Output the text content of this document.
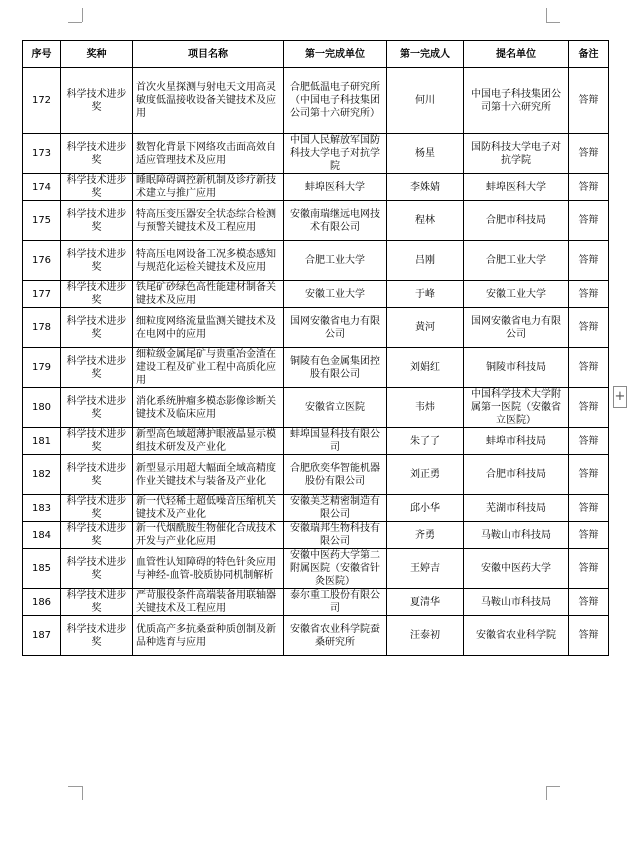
序号	奖种	项目名称	第一完成单位	第一完成人	提名单位	备注
172	科学技术进步奖	首次火星探测与射电天文用高灵敏度低温接收设备关键技术及应用	合肥低温电子研究所（中国电子科技集团公司第十六研究所）	何川	中国电子科技集团公司第十六研究所	答辩
173	科学技术进步奖	数智化背景下网络攻击面高效自适应管理技术及应用	中国人民解放军国防科技大学电子对抗学院	杨星	国防科技大学电子对抗学院	答辩
174	科学技术进步奖	睡眠障碍调控新机制及诊疗新技术建立与推广应用	蚌埠医科大学	李姝婧	蚌埠医科大学	答辩
175	科学技术进步奖	特高压变压器安全状态综合检测与预警关键技术及工程应用	安徽南瑞继远电网技术有限公司	程林	合肥市科技局	答辩
176	科学技术进步奖	特高压电网设备工况多模态感知与规范化运检关键技术及应用	合肥工业大学	吕刚	合肥工业大学	答辩
177	科学技术进步奖	铁尾矿砂绿色高性能建材制备关键技术及应用	安徽工业大学	于峰	安徽工业大学	答辩
178	科学技术进步奖	细粒度网络流量监测关键技术及在电网中的应用	国网安徽省电力有限公司	黄河	国网安徽省电力有限公司	答辩
179	科学技术进步奖	细粒级金属尾矿与贵重冶金渣在建设工程及矿业工程中高质化应用	铜陵有色金属集团控股有限公司	刘娟红	铜陵市科技局	答辩
180	科学技术进步奖	消化系统肿瘤多模态影像诊断关键技术及临床应用	安徽省立医院	韦炜	中国科学技术大学附属第一医院（安徽省立医院）	答辩
181	科学技术进步奖	新型高色域超薄护眼液晶显示模组技术研发及产业化	蚌埠国显科技有限公司	朱了了	蚌埠市科技局	答辩
182	科学技术进步奖	新型显示用超大幅面全域高精度作业关键技术与装备及产业化	合肥欣奕华智能机器股份有限公司	刘正勇	合肥市科技局	答辩
183	科学技术进步奖	新一代轻稀土超低噪音压缩机关键技术及产业化	安徽美芝精密制造有限公司	邱小华	芜湖市科技局	答辩
184	科学技术进步奖	新一代烟酰胺生物催化合成技术开发与产业化应用	安徽瑞邦生物科技有限公司	齐勇	马鞍山市科技局	答辩
185	科学技术进步奖	血管性认知障碍的特色针灸应用与神经-血管-胶质协同机制解析	安徽中医药大学第二附属医院（安徽省针灸医院）	王婷吉	安徽中医药大学	答辩
186	科学技术进步奖	严苛服役条件高端装备用联轴器关键技术及工程应用	泰尔重工股份有限公司	夏清华	马鞍山市科技局	答辩
187	科学技术进步奖	优质高产多抗桑蚕种质创制及新品种选育与应用	安徽省农业科学院蚕桑研究所	汪泰初	安徽省农业科学院	答辩
+
